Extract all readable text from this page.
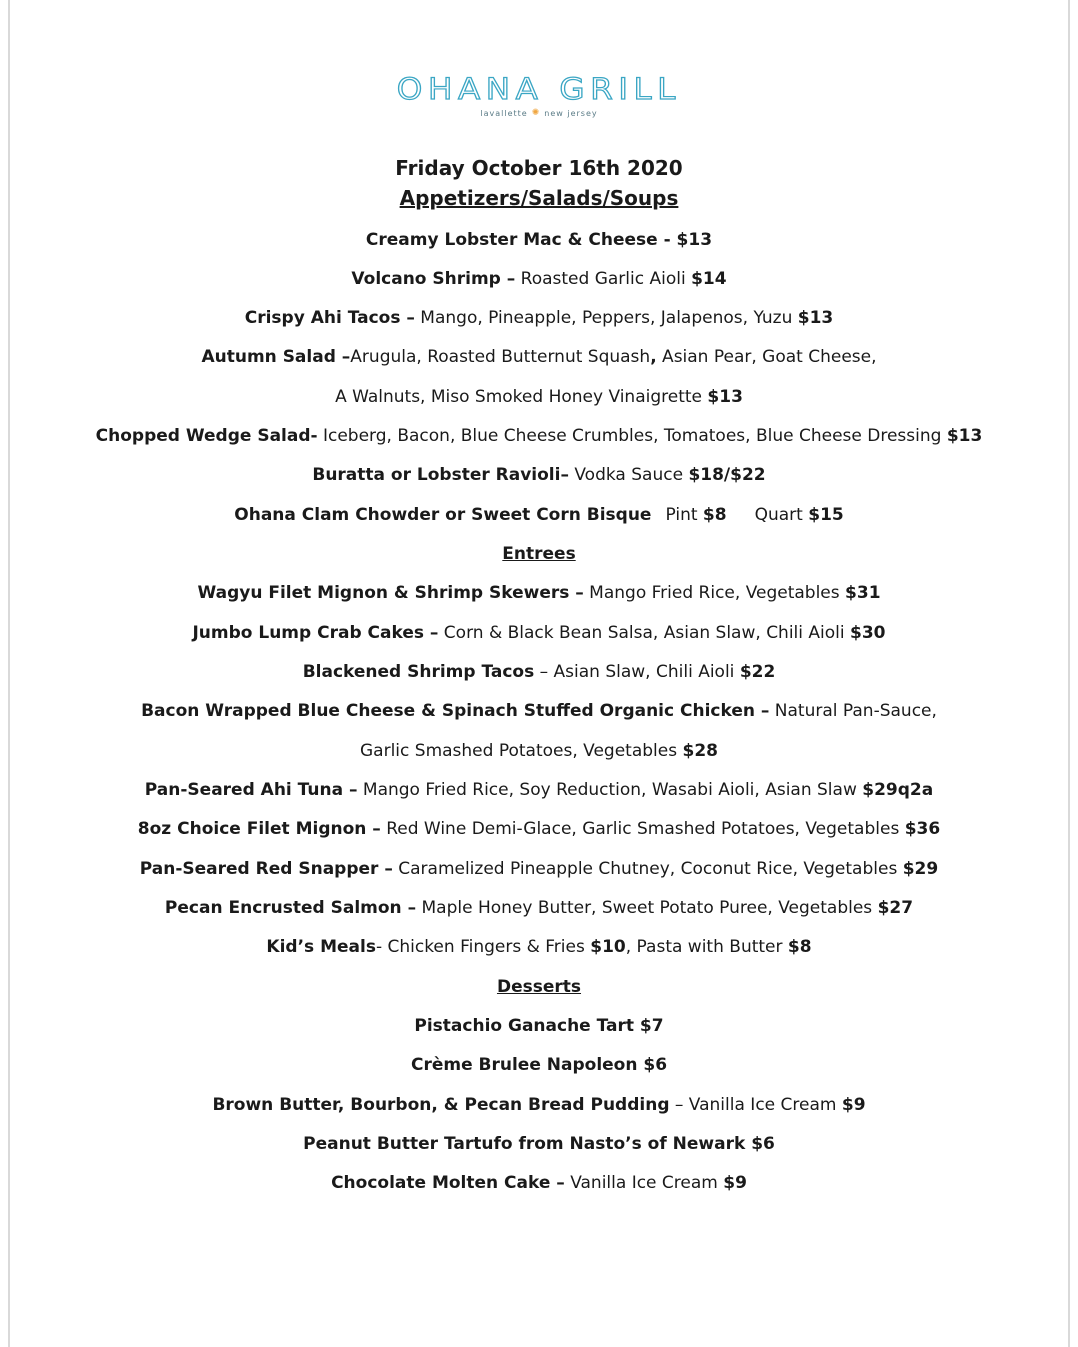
OHANA GRILL
lavallette ✺ new jersey
Friday October 16th 2020
Appetizers/Salads/Soups
Creamy Lobster Mac & Cheese - $13
Volcano Shrimp – Roasted Garlic Aioli $14
Crispy Ahi Tacos – Mango, Pineapple, Peppers, Jalapenos, Yuzu $13
Autumn Salad –Arugula, Roasted Butternut Squash, Asian Pear, Goat Cheese,
A Walnuts, Miso Smoked Honey Vinaigrette $13
Chopped Wedge Salad- Iceberg, Bacon, Blue Cheese Crumbles, Tomatoes, Blue Cheese Dressing $13
Buratta or Lobster Ravioli– Vodka Sauce $18/$22
Ohana Clam Chowder or Sweet Corn Bisque Pint $8 Quart $15
Entrees
Wagyu Filet Mignon & Shrimp Skewers – Mango Fried Rice, Vegetables $31
Jumbo Lump Crab Cakes – Corn & Black Bean Salsa, Asian Slaw, Chili Aioli $30
Blackened Shrimp Tacos – Asian Slaw, Chili Aioli $22
Bacon Wrapped Blue Cheese & Spinach Stuffed Organic Chicken – Natural Pan-Sauce,
Garlic Smashed Potatoes, Vegetables $28
Pan-Seared Ahi Tuna – Mango Fried Rice, Soy Reduction, Wasabi Aioli, Asian Slaw $29q2a
8oz Choice Filet Mignon – Red Wine Demi-Glace, Garlic Smashed Potatoes, Vegetables $36
Pan-Seared Red Snapper – Caramelized Pineapple Chutney, Coconut Rice, Vegetables $29
Pecan Encrusted Salmon – Maple Honey Butter, Sweet Potato Puree, Vegetables $27
Kid’s Meals- Chicken Fingers & Fries $10, Pasta with Butter $8
Desserts
Pistachio Ganache Tart $7
Crème Brulee Napoleon $6
Brown Butter, Bourbon, & Pecan Bread Pudding – Vanilla Ice Cream $9
Peanut Butter Tartufo from Nasto’s of Newark $6
Chocolate Molten Cake – Vanilla Ice Cream $9
